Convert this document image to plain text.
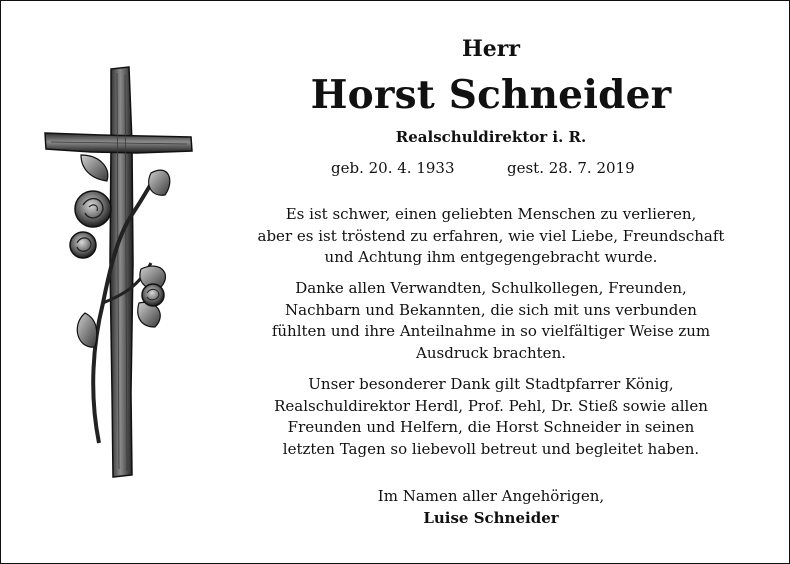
Herr
Horst Schneider
Realschuldirektor i. R.
geb. 20. 4. 1933	gest. 28. 7. 2019
Es ist schwer, einen geliebten Menschen zu verlieren,
aber es ist tröstend zu erfahren, wie viel Liebe, Freundschaft
und Achtung ihm entgegengebracht wurde.
Danke allen Verwandten, Schulkollegen, Freunden,
Nachbarn und Bekannten, die sich mit uns verbunden
fühlten und ihre Anteilnahme in so vielfältiger Weise zum
Ausdruck brachten.
Unser besonderer Dank gilt Stadtpfarrer König,
Realschuldirektor Herdl, Prof. Pehl, Dr. Stieß sowie allen
Freunden und Helfern, die Horst Schneider in seinen
letzten Tagen so liebevoll betreut und begleitet haben.
Im Namen aller Angehörigen,
Luise Schneider
